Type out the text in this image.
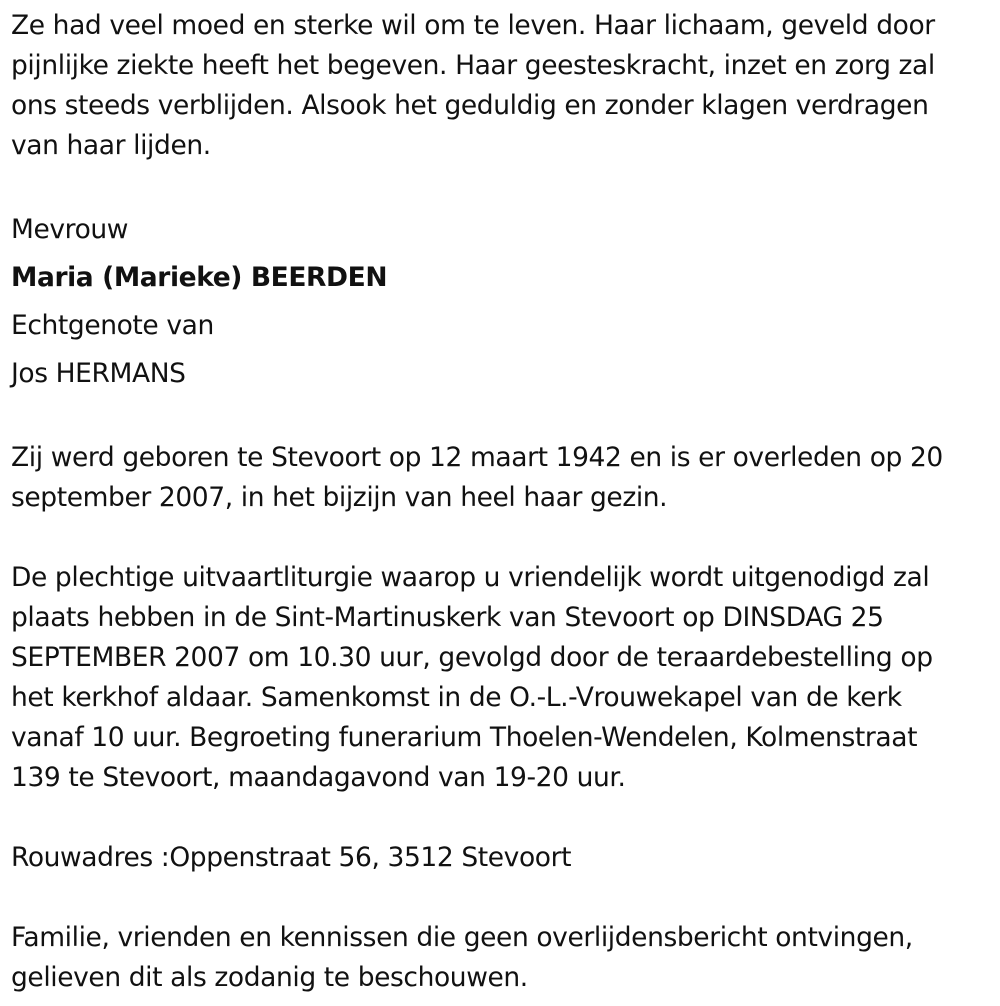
Ze had veel moed en sterke wil om te leven. Haar lichaam, geveld door
pijnlijke ziekte heeft het begeven. Haar geesteskracht, inzet en zorg zal
ons steeds verblijden. Alsook het geduldig en zonder klagen verdragen
van haar lijden.

Mevrouw
Maria (Marieke) BEERDEN
Echtgenote van
Jos HERMANS

Zij werd geboren te Stevoort op 12 maart 1942 en is er overleden op 20
september 2007, in het bijzijn van heel haar gezin.

De plechtige uitvaartliturgie waarop u vriendelijk wordt uitgenodigd zal
plaats hebben in de Sint-Martinuskerk van Stevoort op DINSDAG 25
SEPTEMBER 2007 om 10.30 uur, gevolgd door de teraardebestelling op
het kerkhof aldaar. Samenkomst in de O.-L.-Vrouwekapel van de kerk
vanaf 10 uur. Begroeting funerarium Thoelen-Wendelen, Kolmenstraat
139 te Stevoort, maandagavond van 19-20 uur.

Rouwadres :Oppenstraat 56, 3512 Stevoort

Familie, vrienden en kennissen die geen overlijdensbericht ontvingen,
gelieven dit als zodanig te beschouwen.
